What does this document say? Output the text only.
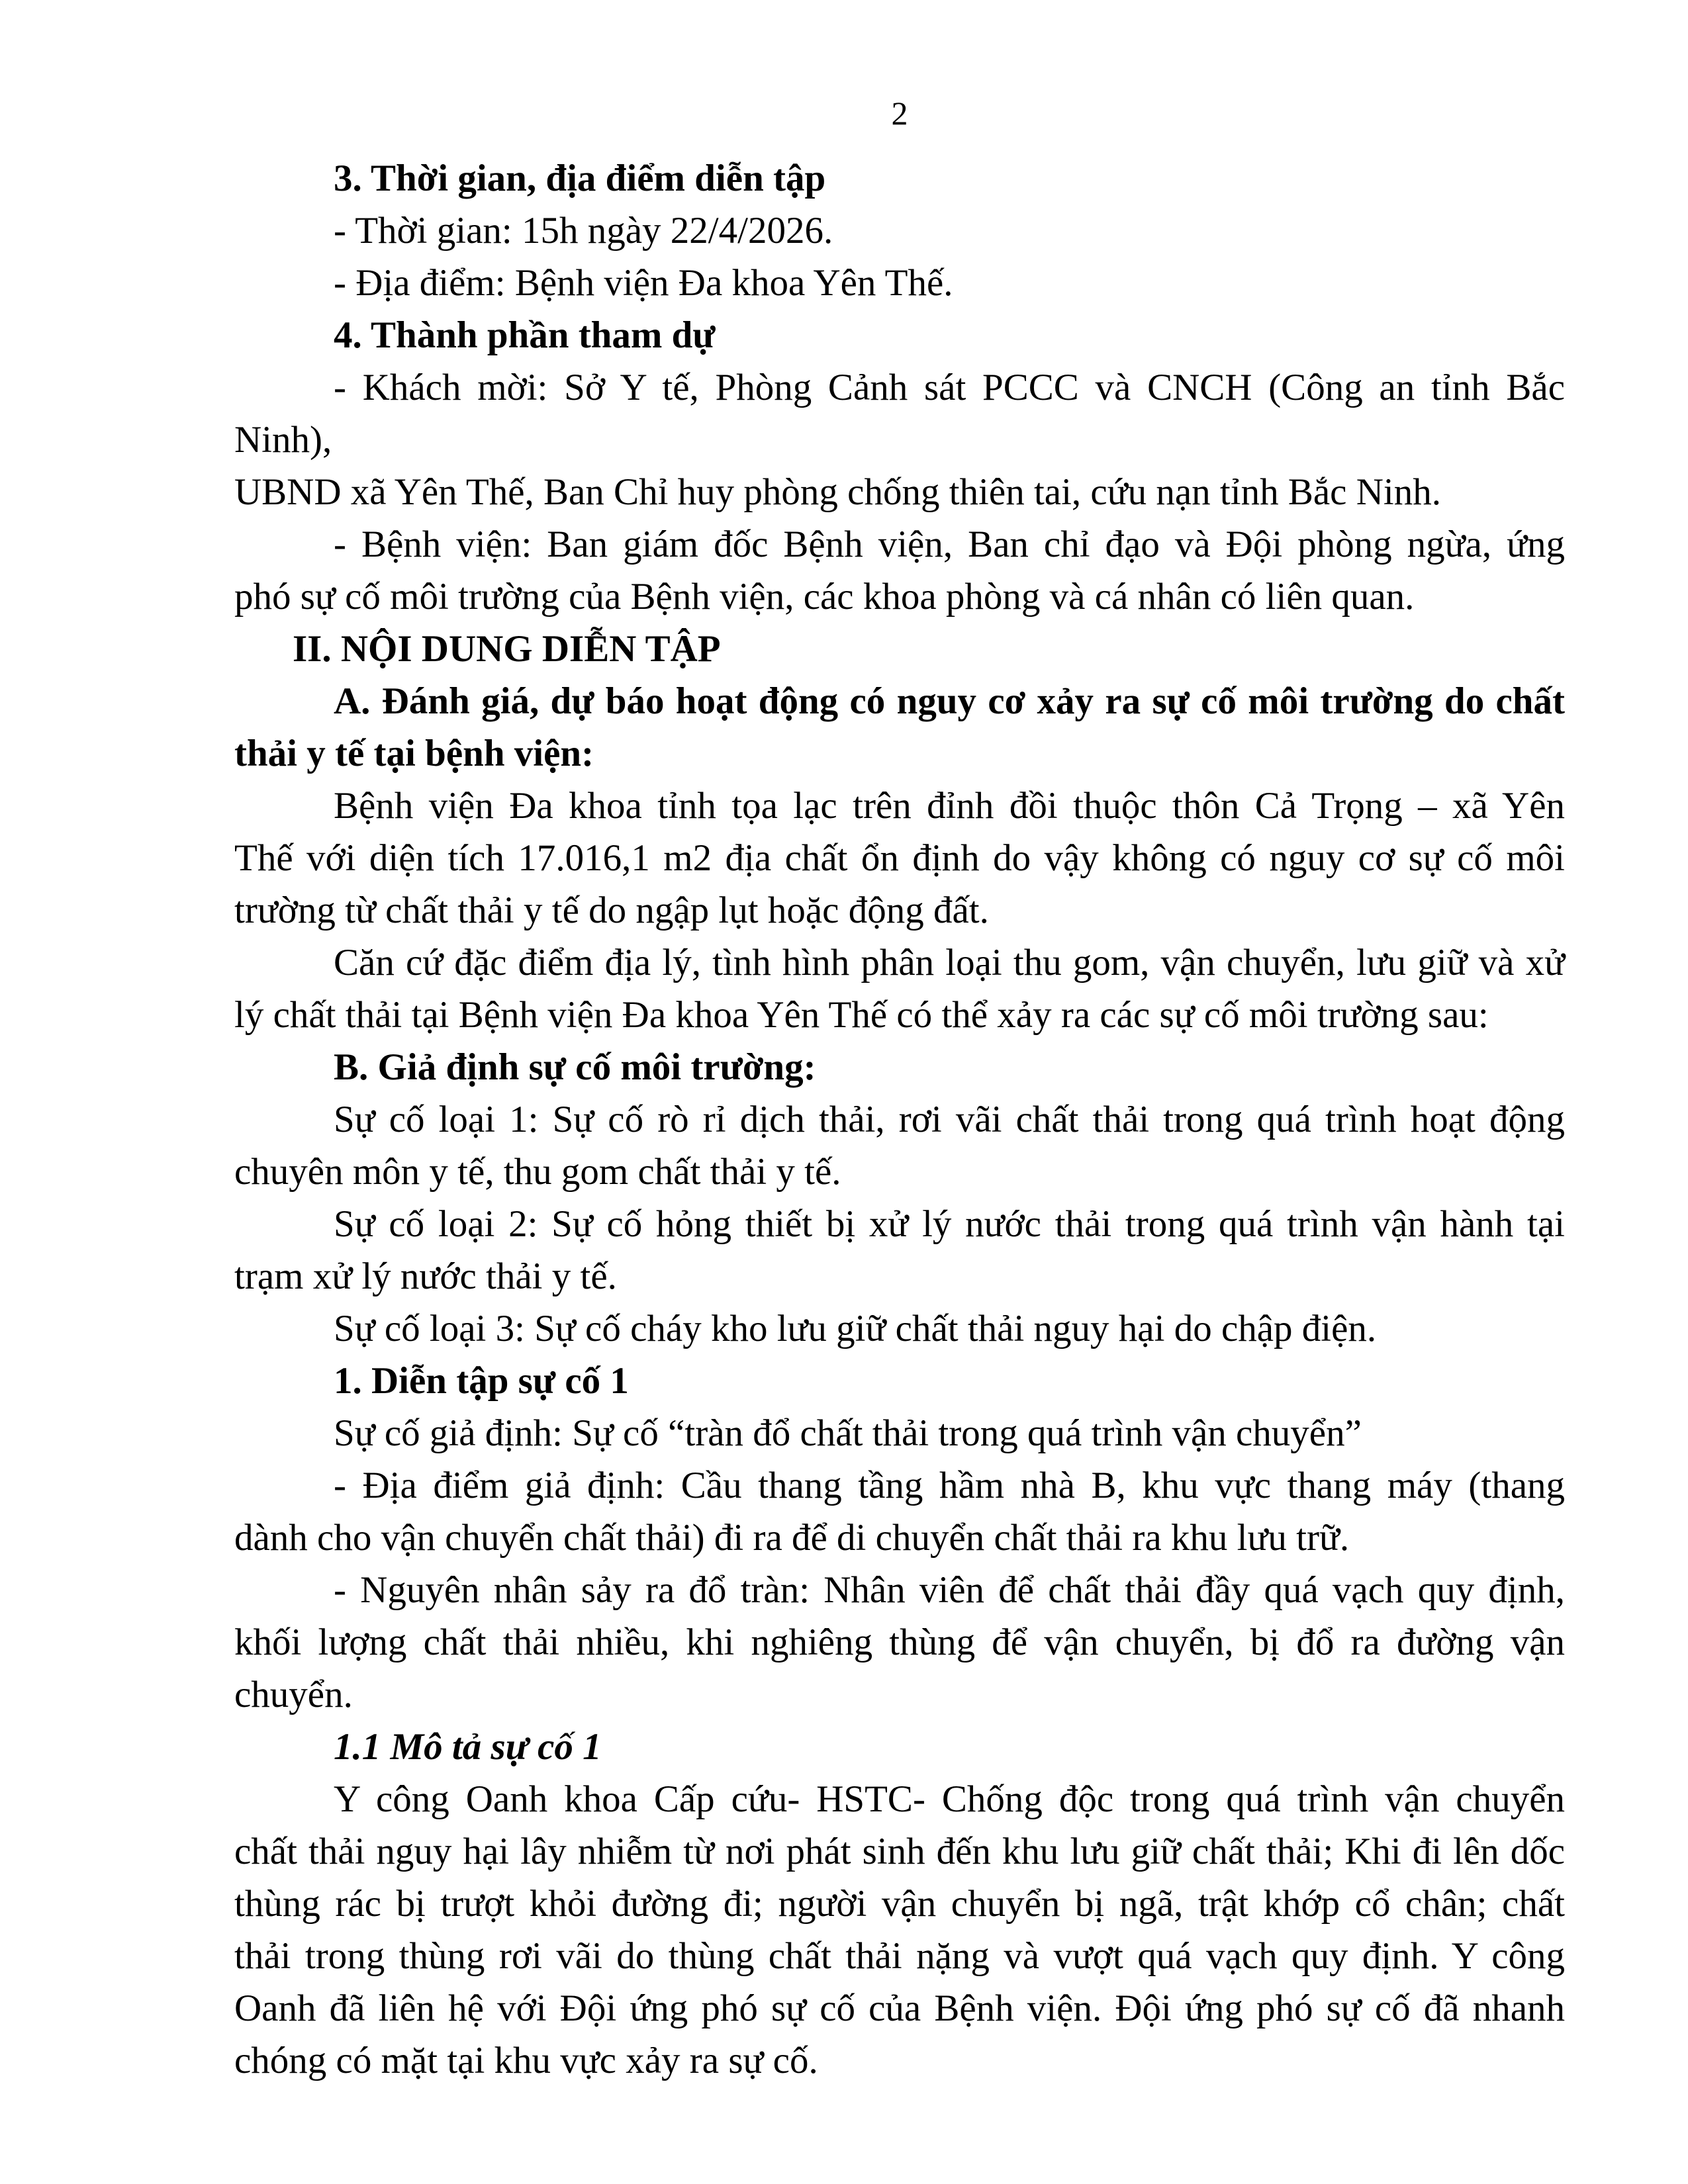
2
3. Thời gian, địa điểm diễn tập
- Thời gian: 15h ngày 22/4/2026.
- Địa điểm: Bệnh viện Đa khoa Yên Thế.
4. Thành phần tham dự
- Khách mời: Sở Y tế, Phòng Cảnh sát PCCC và CNCH (Công an tỉnh Bắc Ninh),
UBND xã Yên Thế, Ban Chỉ huy phòng chống thiên tai, cứu nạn tỉnh Bắc Ninh.
- Bệnh viện: Ban giám đốc Bệnh viện, Ban chỉ đạo và Đội phòng ngừa, ứng
phó sự cố môi trường của Bệnh viện, các khoa phòng và cá nhân có liên quan.
II. NỘI DUNG DIỄN TẬP
A. Đánh giá, dự báo hoạt động có nguy cơ xảy ra sự cố môi trường do chất
thải y tế tại bệnh viện:
Bệnh viện Đa khoa tỉnh tọa lạc trên đỉnh đồi thuộc thôn Cả Trọng – xã Yên
Thế với diện tích 17.016,1 m2 địa chất ổn định do vậy không có nguy cơ sự cố môi
trường từ chất thải y tế do ngập lụt hoặc động đất.
Căn cứ đặc điểm địa lý, tình hình phân loại thu gom, vận chuyển, lưu giữ và xử
lý chất thải tại Bệnh viện Đa khoa Yên Thế có thể xảy ra các sự cố môi trường sau:
B. Giả định sự cố môi trường:
Sự cố loại 1: Sự cố rò rỉ dịch thải, rơi vãi chất thải trong quá trình hoạt động
chuyên môn y tế, thu gom chất thải y tế.
Sự cố loại 2: Sự cố hỏng thiết bị xử lý nước thải trong quá trình vận hành tại
trạm xử lý nước thải y tế.
Sự cố loại 3: Sự cố cháy kho lưu giữ chất thải nguy hại do chập điện.
1. Diễn tập sự cố 1
Sự cố giả định: Sự cố “tràn đổ chất thải trong quá trình vận chuyển”
- Địa điểm giả định: Cầu thang tầng hầm nhà B, khu vực thang máy (thang
dành cho vận chuyển chất thải) đi ra để di chuyển chất thải ra khu lưu trữ.
- Nguyên nhân sảy ra đổ tràn: Nhân viên để chất thải đầy quá vạch quy định,
khối lượng chất thải nhiều, khi nghiêng thùng để vận chuyển, bị đổ ra đường vận
chuyển.
1.1 Mô tả sự cố 1
Y công Oanh khoa Cấp cứu- HSTC- Chống độc trong quá trình vận chuyển
chất thải nguy hại lây nhiễm từ nơi phát sinh đến khu lưu giữ chất thải; Khi đi lên dốc
thùng rác bị trượt khỏi đường đi; người vận chuyển bị ngã, trật khớp cổ chân; chất
thải trong thùng rơi vãi do thùng chất thải nặng và vượt quá vạch quy định. Y công
Oanh đã liên hệ với Đội ứng phó sự cố của Bệnh viện. Đội ứng phó sự cố đã nhanh
chóng có mặt tại khu vực xảy ra sự cố.
